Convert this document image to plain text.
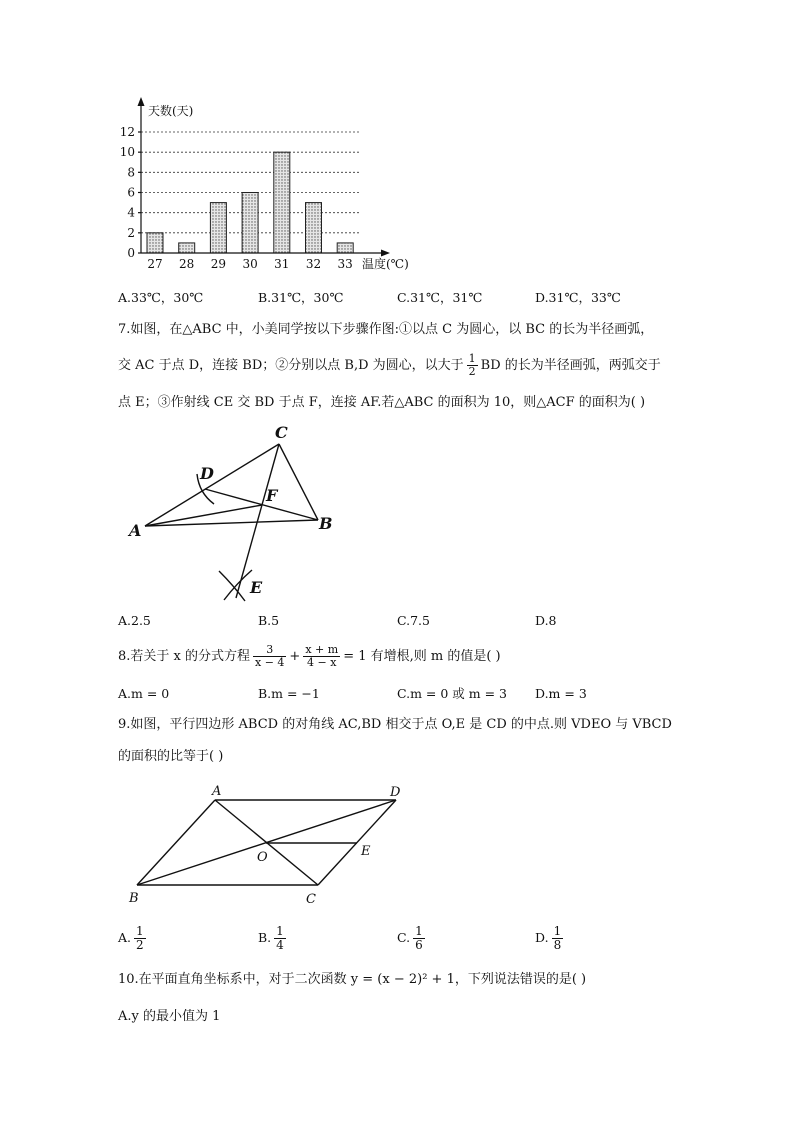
0
2
4
6
8
10
12
27 28 29 30 31 32 33
天数(天)
温度(℃)
A.33℃，30℃	B.31℃，30℃	C.31℃，31℃	D.31℃，33℃
7.如图，在△ABC 中，小美同学按以下步骤作图:①以点 C 为圆心，以 BC 的长为半径画弧，
交 AC 于点 D，连接 BD；②分别以点 B,D 为圆心，以大于 $\frac{1}{2}$ BD 的长为半径画弧，两弧交于
点 E；③作射线 CE 交 BD 于点 F，连接 AF.若△ABC 的面积为 10，则△ACF 的面积为( )
C
D
F
A	B
E
A.2.5	B.5	C.7.5	D.8
8.若关于 x 的分式方程 $\frac{3}{x - 4} + \frac{x + m}{4 - x} = 1$ 有增根,则 m 的值是( )
A.m = 0	B.m = −1	C.m = 0 或 m = 3 D.m = 3
9.如图，平行四边形 ABCD 的对角线 AC,BD 相交于点 O,E 是 CD 的中点.则 VDEO 与 VBCD
的面积的比等于( )
A	D
O	E
B	C
A. $\frac{1}{2}$	B. $\frac{1}{4}$	C. $\frac{1}{6}$	D. $\frac{1}{8}$
10.在平面直角坐标系中，对于二次函数 y = (x − 2)² + 1，下列说法错误的是( )
A.y 的最小值为 1
